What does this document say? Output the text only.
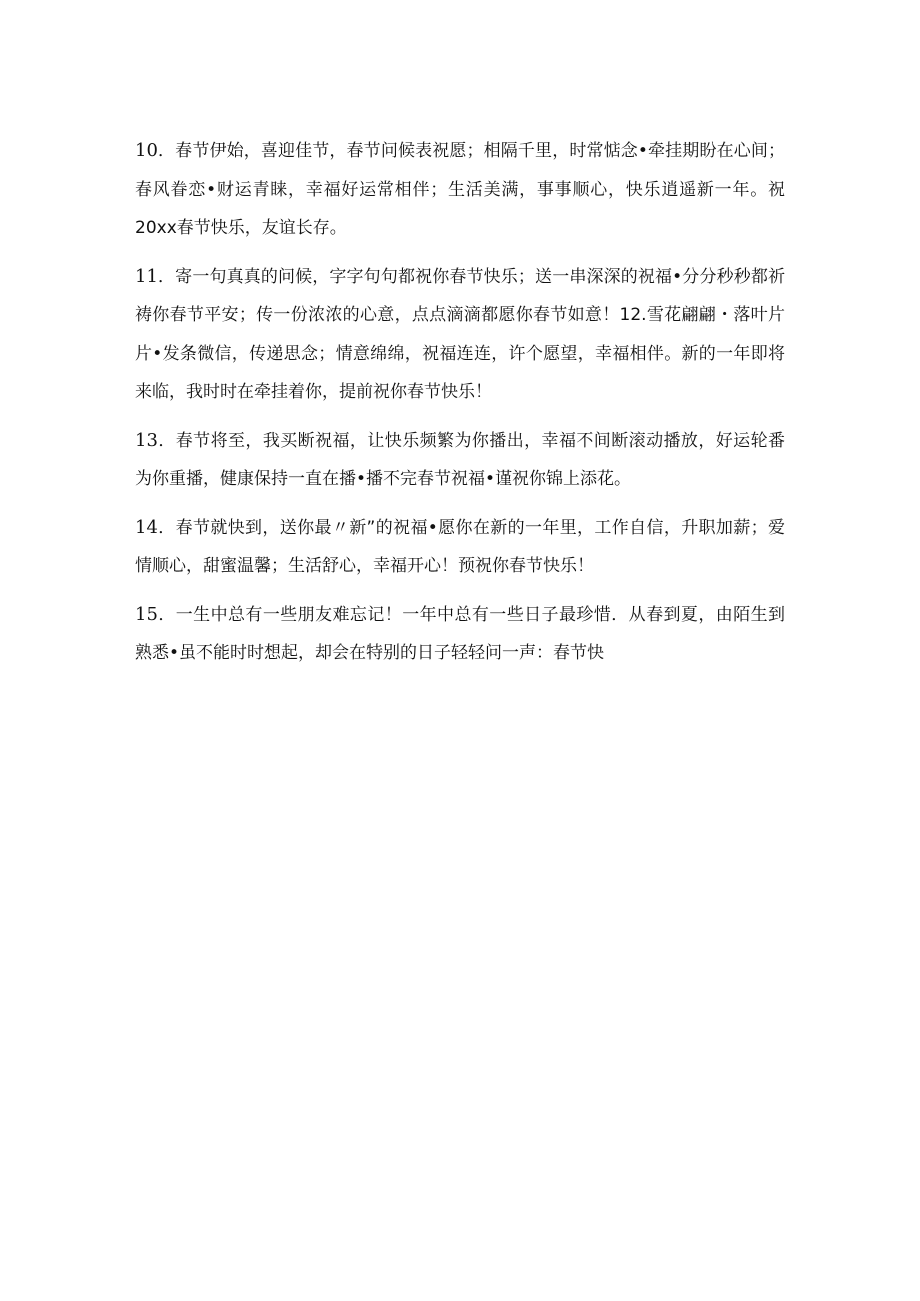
10．春节伊始，喜迎佳节，春节问候表祝愿；相隔千里，时常惦念•牵挂期盼在心间；春风眷恋•财运青睐，幸福好运常相伴；生活美满，事事顺心，快乐逍遥新一年。祝20xx春节快乐，友谊长存。

11．寄一句真真的问候，字字句句都祝你春节快乐；送一串深深的祝福•分分秒秒都祈祷你春节平安；传一份浓浓的心意，点点滴滴都愿你春节如意！12.雪花翩翩・落叶片片•发条微信，传递思念；情意绵绵，祝福连连，许个愿望，幸福相伴。新的一年即将来临，我时时在牵挂着你，提前祝你春节快乐！

13．春节将至，我买断祝福，让快乐频繁为你播出，幸福不间断滚动播放，好运轮番为你重播，健康保持一直在播•播不完春节祝福•谨祝你锦上添花。

14．春节就快到，送你最〃新”的祝福•愿你在新的一年里，工作自信，升职加薪；爱情顺心，甜蜜温馨；生活舒心，幸福开心！预祝你春节快乐！

15．一生中总有一些朋友难忘记！一年中总有一些日子最珍惜．从春到夏，由陌生到熟悉•虽不能时时想起，却会在特别的日子轻轻问一声：春节快
